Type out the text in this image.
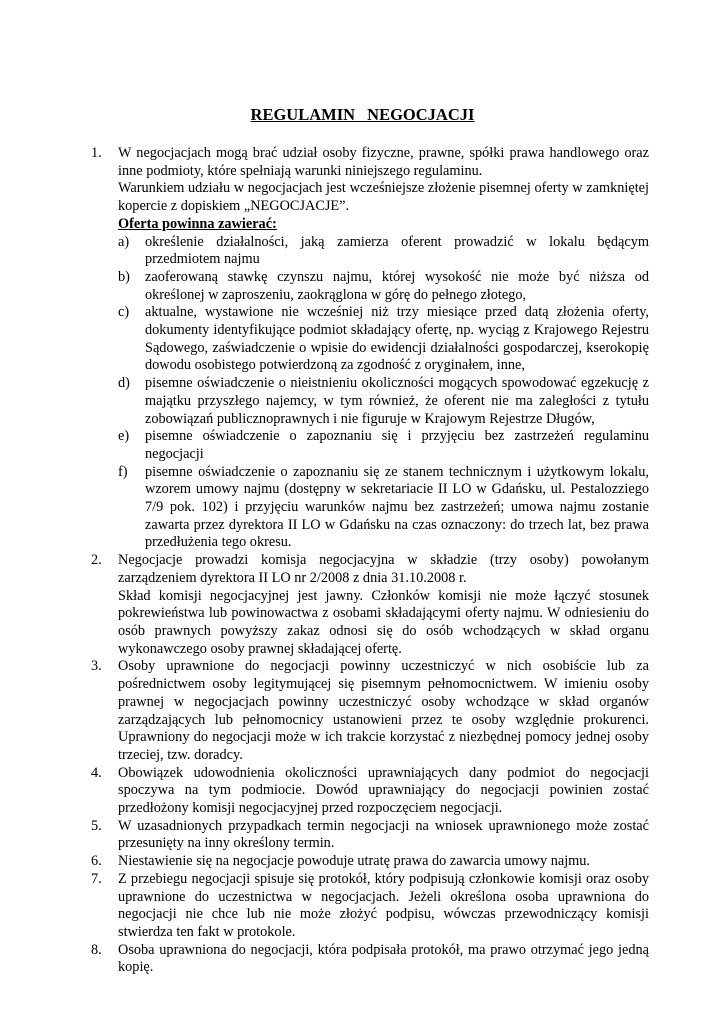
REGULAMIN NEGOCJACJI
1.	W negocjacjach mogą brać udział osoby fizyczne, prawne, spółki prawa handlowego oraz inne podmioty, które spełniają warunki niniejszego regulaminu.
Warunkiem udziału w negocjacjach jest wcześniejsze złożenie pisemnej oferty w zamkniętej kopercie z dopiskiem „NEGOCJACJE”.
Oferta powinna zawierać:
a) określenie działalności, jaką zamierza oferent prowadzić w lokalu będącym przedmiotem najmu
b) zaoferowaną stawkę czynszu najmu, której wysokość nie może być niższa od określonej w zaproszeniu, zaokrąglona w górę do pełnego złotego,
c) aktualne, wystawione nie wcześniej niż trzy miesiące przed datą złożenia oferty, dokumenty identyfikujące podmiot składający ofertę, np. wyciąg z Krajowego Rejestru Sądowego, zaświadczenie o wpisie do ewidencji działalności gospodarczej, kserokopię dowodu osobistego potwierdzoną za zgodność z oryginałem, inne,
d) pisemne oświadczenie o nieistnieniu okoliczności mogących spowodować egzekucję z majątku przyszłego najemcy, w tym również, że oferent nie ma zaległości z tytułu zobowiązań publicznoprawnych i nie figuruje w Krajowym Rejestrze Długów,
e) pisemne oświadczenie o zapoznaniu się i przyjęciu bez zastrzeżeń regulaminu negocjacji
f) pisemne oświadczenie o zapoznaniu się ze stanem technicznym i użytkowym lokalu, wzorem umowy najmu (dostępny w sekretariacie II LO w Gdańsku, ul. Pestalozziego 7/9 pok. 102) i przyjęciu warunków najmu bez zastrzeżeń; umowa najmu zostanie zawarta przez dyrektora II LO w Gdańsku na czas oznaczony: do trzech lat, bez prawa przedłużenia tego okresu.
2.	Negocjacje prowadzi komisja negocjacyjna w składzie (trzy osoby) powołanym zarządzeniem dyrektora II LO nr 2/2008 z dnia 31.10.2008 r.
Skład komisji negocjacyjnej jest jawny. Członków komisji nie może łączyć stosunek pokrewieństwa lub powinowactwa z osobami składającymi oferty najmu. W odniesieniu do osób prawnych powyższy zakaz odnosi się do osób wchodzących w skład organu wykonawczego osoby prawnej składającej ofertę.
3.	Osoby uprawnione do negocjacji powinny uczestniczyć w nich osobiście lub za pośrednictwem osoby legitymującej się pisemnym pełnomocnictwem. W imieniu osoby prawnej w negocjacjach powinny uczestniczyć osoby wchodzące w skład organów zarządzających lub pełnomocnicy ustanowieni przez te osoby względnie prokurenci. Uprawniony do negocjacji może w ich trakcie korzystać z niezbędnej pomocy jednej osoby trzeciej, tzw. doradcy.
4.	Obowiązek udowodnienia okoliczności uprawniających dany podmiot do negocjacji spoczywa na tym podmiocie. Dowód uprawniający do negocjacji powinien zostać przedłożony komisji negocjacyjnej przed rozpoczęciem negocjacji.
5.	W uzasadnionych przypadkach termin negocjacji na wniosek uprawnionego może zostać przesunięty na inny określony termin.
6.	Niestawienie się na negocjacje powoduje utratę prawa do zawarcia umowy najmu.
7.	Z przebiegu negocjacji spisuje się protokół, który podpisują członkowie komisji oraz osoby uprawnione do uczestnictwa w negocjacjach. Jeżeli określona osoba uprawniona do negocjacji nie chce lub nie może złożyć podpisu, wówczas przewodniczący komisji stwierdza ten fakt w protokole.
8.	Osoba uprawniona do negocjacji, która podpisała protokół, ma prawo otrzymać jego jedną kopię.
